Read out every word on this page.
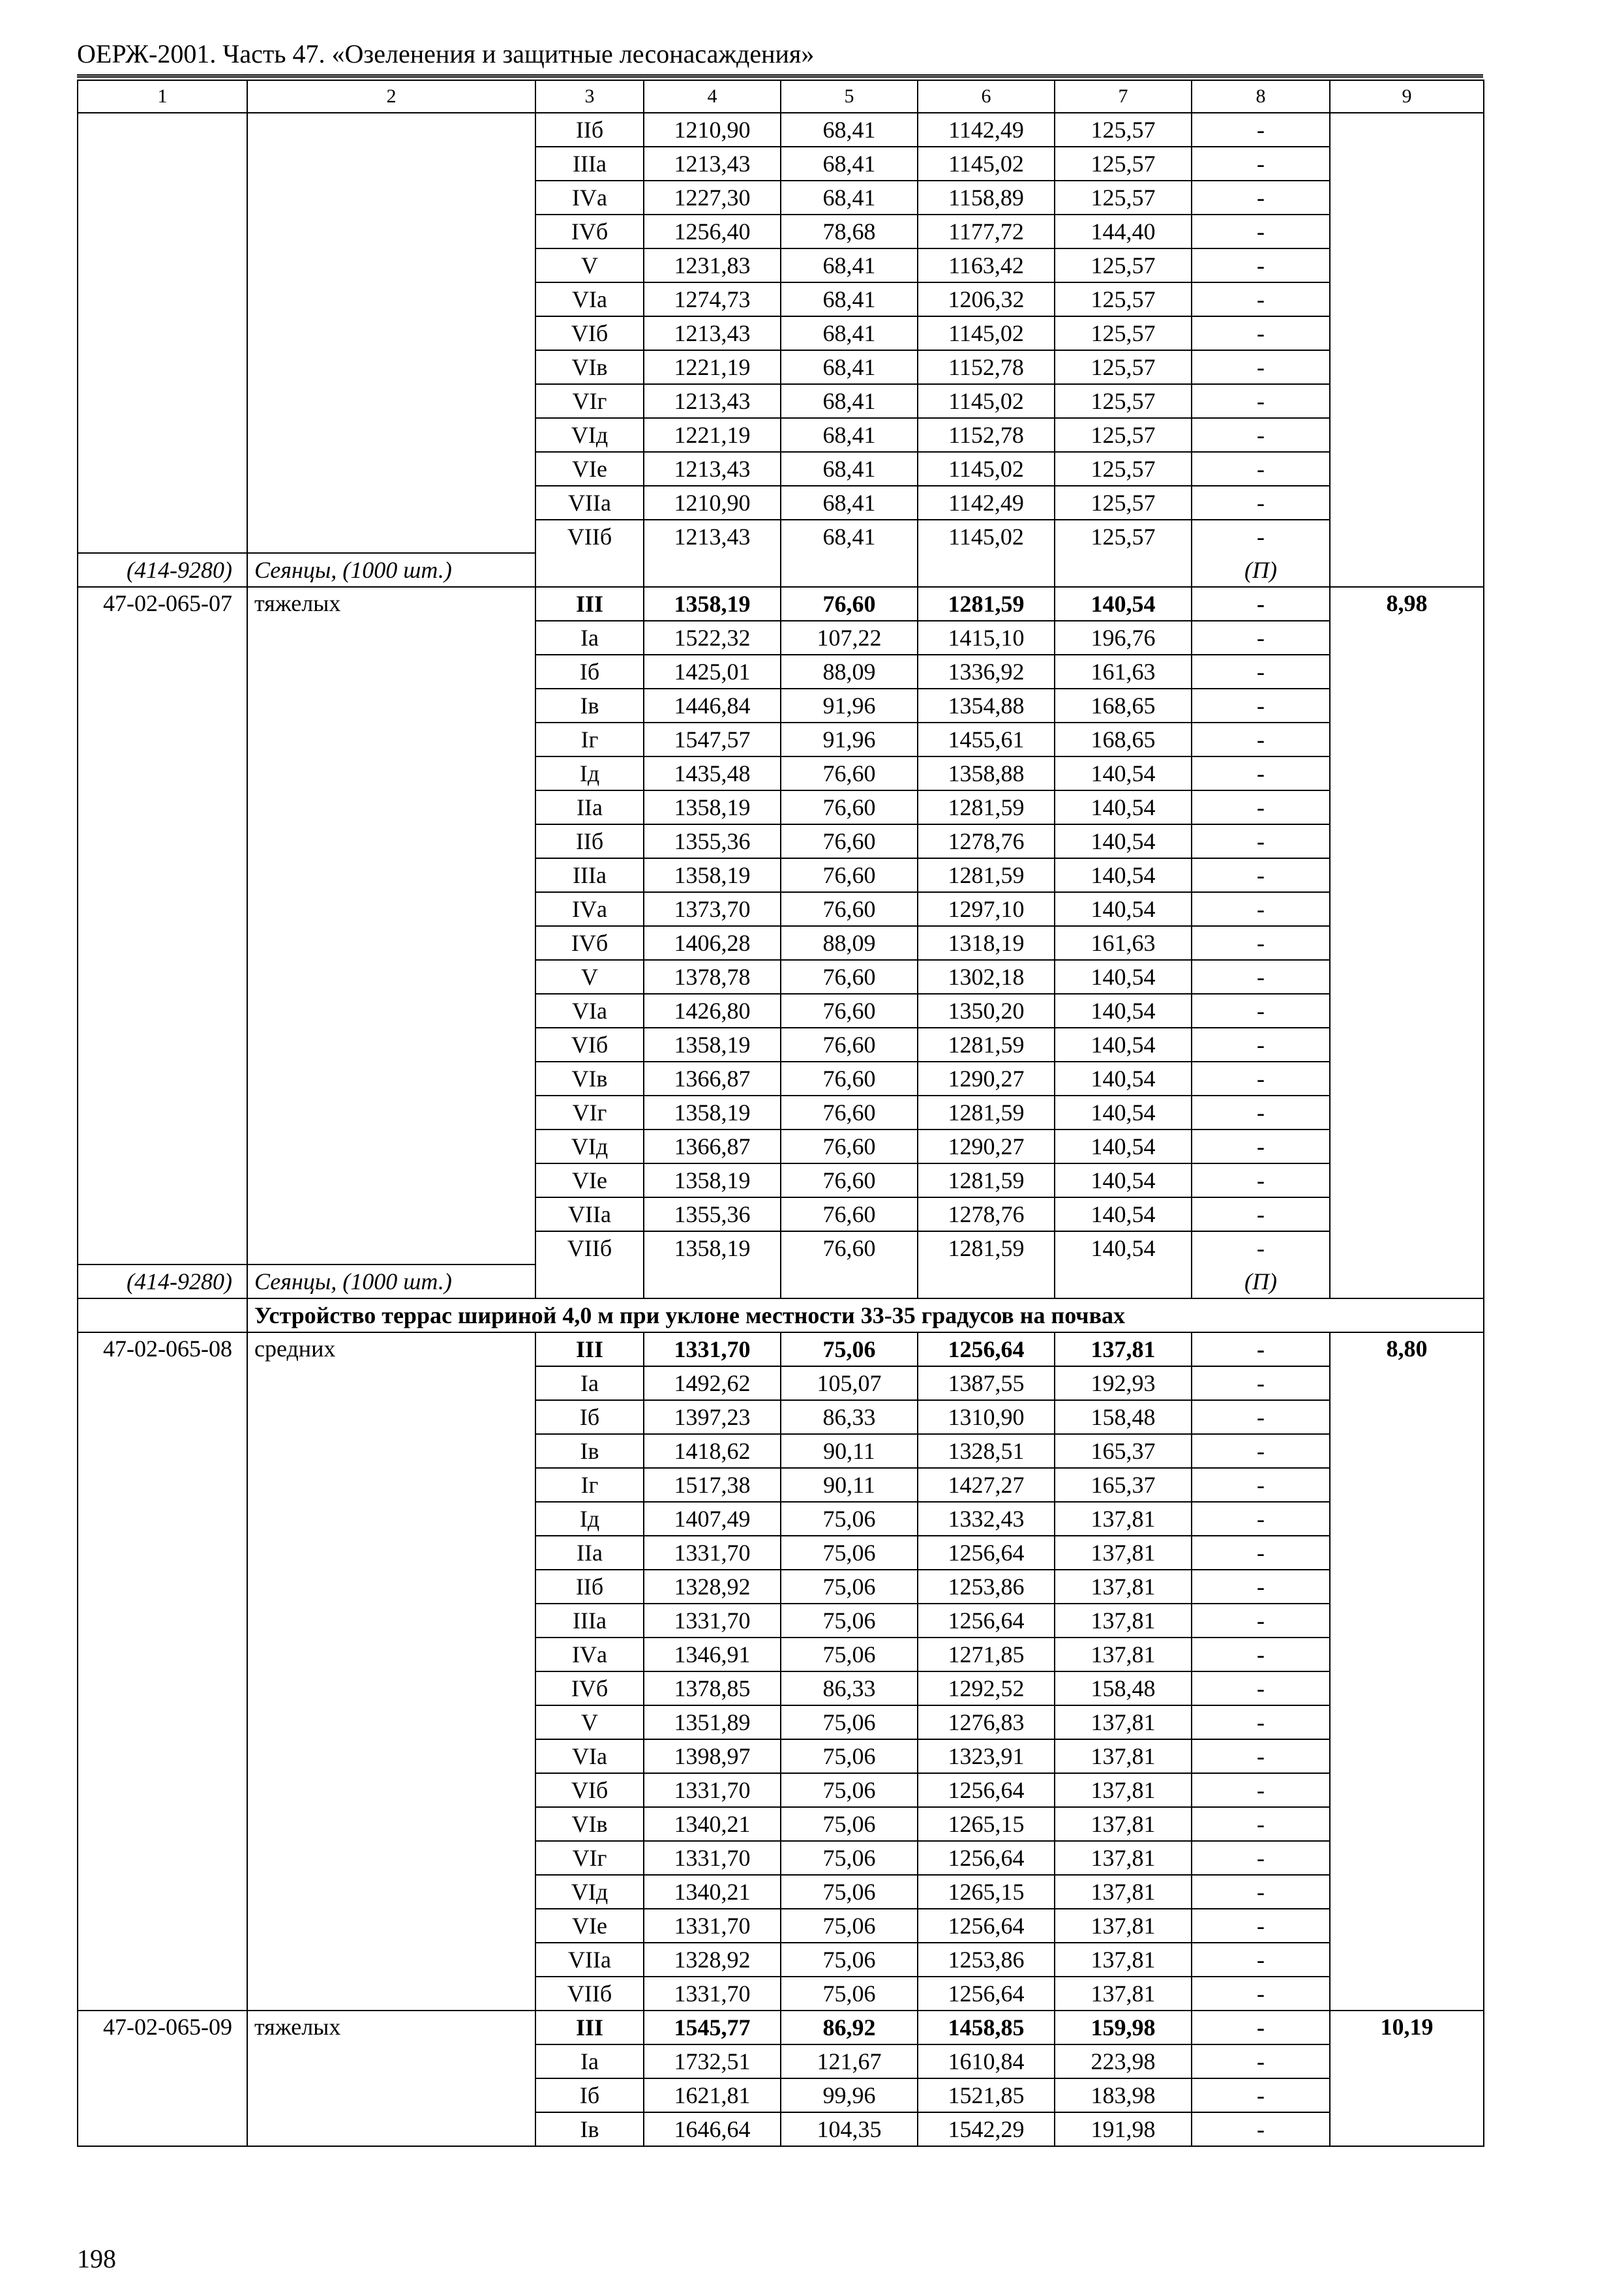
ОЕРЖ-2001. Часть 47. «Озеленения и защитные лесонасаждения»
1	2	3	4	5	6	7	8	9
		IIб	1210,90	68,41	1142,49	125,57	-	
		IIIа	1213,43	68,41	1145,02	125,57	-	
		IVа	1227,30	68,41	1158,89	125,57	-	
		IVб	1256,40	78,68	1177,72	144,40	-	
		V	1231,83	68,41	1163,42	125,57	-	
		VIа	1274,73	68,41	1206,32	125,57	-	
		VIб	1213,43	68,41	1145,02	125,57	-	
		VIв	1221,19	68,41	1152,78	125,57	-	
		VIг	1213,43	68,41	1145,02	125,57	-	
		VIд	1221,19	68,41	1152,78	125,57	-	
		VIе	1213,43	68,41	1145,02	125,57	-	
		VIIа	1210,90	68,41	1142,49	125,57	-	
		VIIб	1213,43	68,41	1145,02	125,57	-	
(414-9280)	Сеянцы, (1000 шт.)						(П)	
47-02-065-07	тяжелых	III	1358,19	76,60	1281,59	140,54	-	8,98
		Iа	1522,32	107,22	1415,10	196,76	-	
		Iб	1425,01	88,09	1336,92	161,63	-	
		Iв	1446,84	91,96	1354,88	168,65	-	
		Iг	1547,57	91,96	1455,61	168,65	-	
		Iд	1435,48	76,60	1358,88	140,54	-	
		IIа	1358,19	76,60	1281,59	140,54	-	
		IIб	1355,36	76,60	1278,76	140,54	-	
		IIIа	1358,19	76,60	1281,59	140,54	-	
		IVа	1373,70	76,60	1297,10	140,54	-	
		IVб	1406,28	88,09	1318,19	161,63	-	
		V	1378,78	76,60	1302,18	140,54	-	
		VIа	1426,80	76,60	1350,20	140,54	-	
		VIб	1358,19	76,60	1281,59	140,54	-	
		VIв	1366,87	76,60	1290,27	140,54	-	
		VIг	1358,19	76,60	1281,59	140,54	-	
		VIд	1366,87	76,60	1290,27	140,54	-	
		VIе	1358,19	76,60	1281,59	140,54	-	
		VIIа	1355,36	76,60	1278,76	140,54	-	
		VIIб	1358,19	76,60	1281,59	140,54	-	
(414-9280)	Сеянцы, (1000 шт.)						(П)	
	Устройство террас шириной 4,0 м при уклоне местности 33-35 градусов на почвах							
47-02-065-08	средних	III	1331,70	75,06	1256,64	137,81	-	8,80
		Iа	1492,62	105,07	1387,55	192,93	-	
		Iб	1397,23	86,33	1310,90	158,48	-	
		Iв	1418,62	90,11	1328,51	165,37	-	
		Iг	1517,38	90,11	1427,27	165,37	-	
		Iд	1407,49	75,06	1332,43	137,81	-	
		IIа	1331,70	75,06	1256,64	137,81	-	
		IIб	1328,92	75,06	1253,86	137,81	-	
		IIIа	1331,70	75,06	1256,64	137,81	-	
		IVа	1346,91	75,06	1271,85	137,81	-	
		IVб	1378,85	86,33	1292,52	158,48	-	
		V	1351,89	75,06	1276,83	137,81	-	
		VIа	1398,97	75,06	1323,91	137,81	-	
		VIб	1331,70	75,06	1256,64	137,81	-	
		VIв	1340,21	75,06	1265,15	137,81	-	
		VIг	1331,70	75,06	1256,64	137,81	-	
		VIд	1340,21	75,06	1265,15	137,81	-	
		VIе	1331,70	75,06	1256,64	137,81	-	
		VIIа	1328,92	75,06	1253,86	137,81	-	
		VIIб	1331,70	75,06	1256,64	137,81	-	
47-02-065-09	тяжелых	III	1545,77	86,92	1458,85	159,98	-	10,19
		Iа	1732,51	121,67	1610,84	223,98	-	
		Iб	1621,81	99,96	1521,85	183,98	-	
		Iв	1646,64	104,35	1542,29	191,98	-	
198
